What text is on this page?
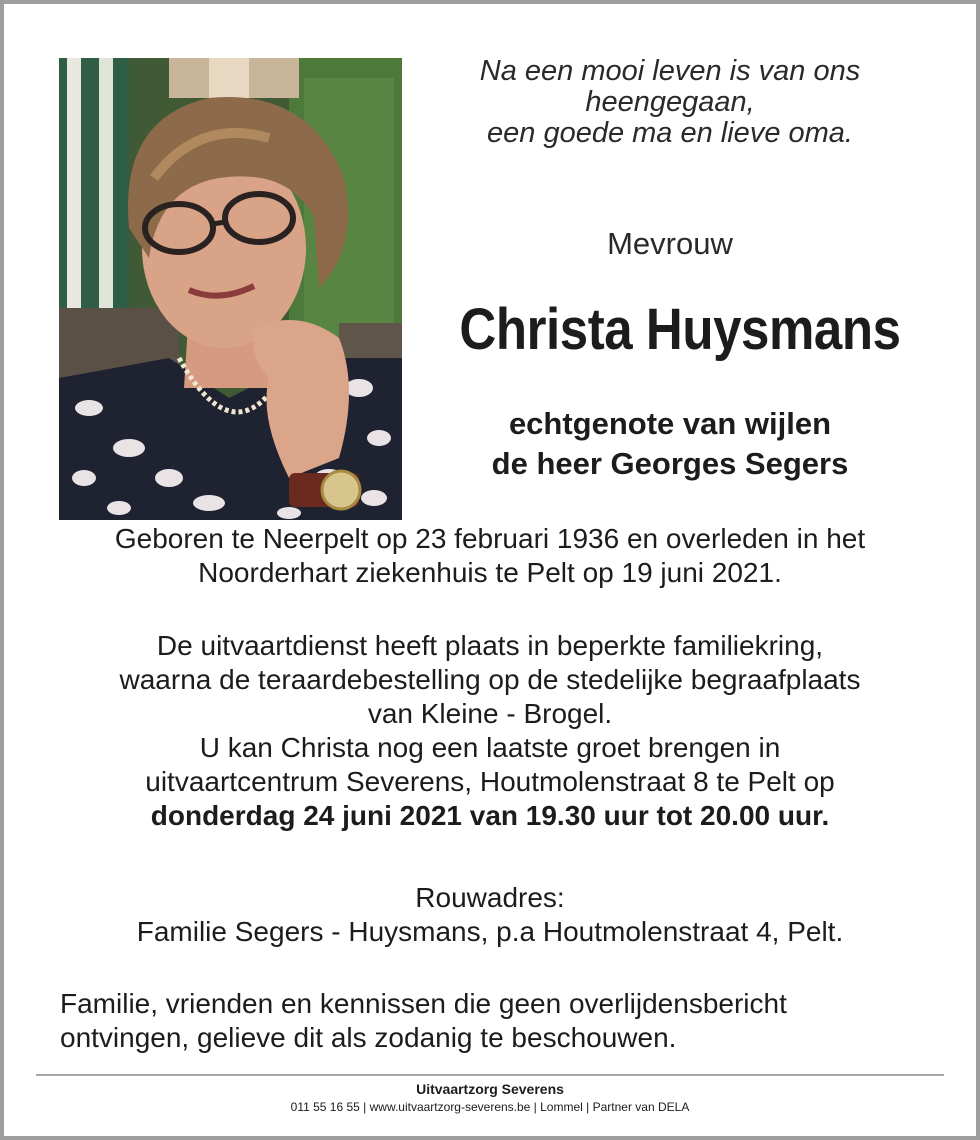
Na een mooi leven is van ons
heengegaan,
een goede ma en lieve oma.
Mevrouw
Christa Huysmans
echtgenote van wijlen
de heer Georges Segers
Geboren te Neerpelt op 23 februari 1936 en overleden in het
Noorderhart ziekenhuis te Pelt op 19 juni 2021.
De uitvaartdienst heeft plaats in beperkte familiekring,
waarna de teraardebestelling op de stedelijke begraafplaats
van Kleine - Brogel.
U kan Christa nog een laatste groet brengen in
uitvaartcentrum Severens, Houtmolenstraat 8 te Pelt op
donderdag 24 juni 2021 van 19.30 uur tot 20.00 uur.
Rouwadres:
Familie Segers - Huysmans, p.a Houtmolenstraat 4, Pelt.
Familie, vrienden en kennissen die geen overlijdensbericht
ontvingen, gelieve dit als zodanig te beschouwen.
Uitvaartzorg Severens
011 55 16 55 | www.uitvaartzorg-severens.be | Lommel | Partner van DELA
